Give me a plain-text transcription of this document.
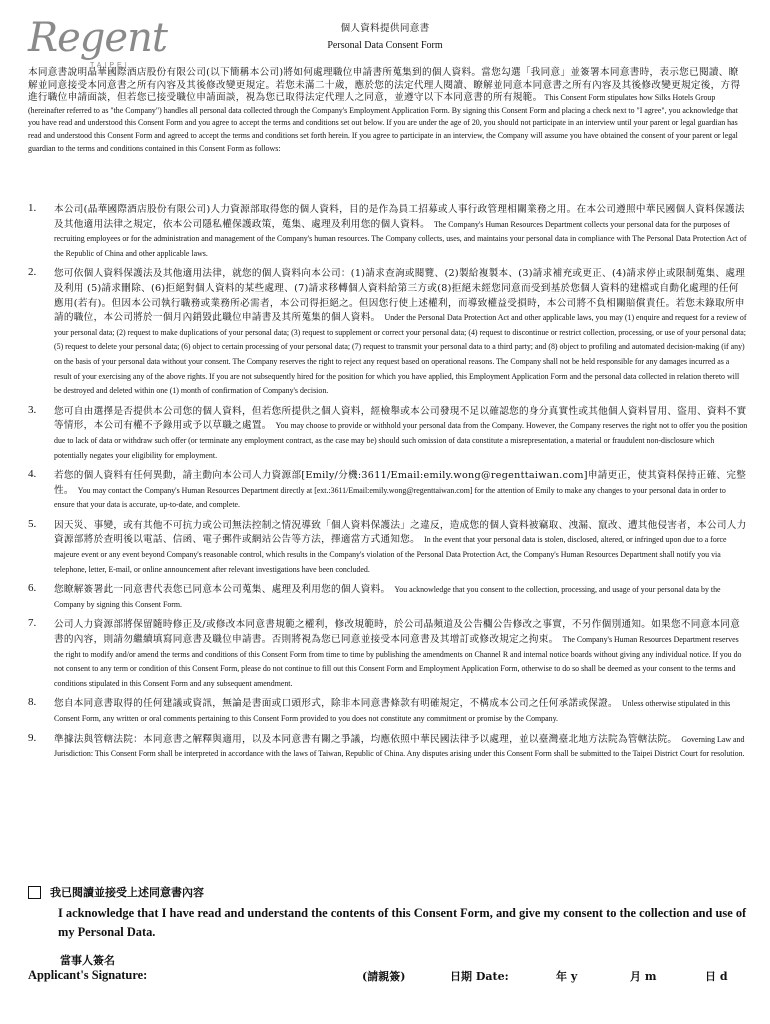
Regent
TAIPEI
個人資料提供同意書
Personal Data Consent Form
本同意書說明晶華國際酒店股份有限公司(以下簡稱本公司)將如何處理職位申請書所蒐集到的個人資料。當您勾選「我同意」並簽署本同意書時，表示您已閱讀、瞭解並同意接受本同意書之所有內容及其後修改變更規定。若您未滿二十歲，應於您的法定代理人閱讀、瞭解並同意本同意書之所有內容及其後修改變更規定後，方得進行職位申請面談，但若您已接受職位申請面談，視為您已取得法定代理人之同意，並遵守以下本同意書的所有規範。 This Consent Form stipulates how Silks Hotels Group (hereinafter referred to as "the Company") handles all personal data collected through the Company's Employment Application Form. By signing this Consent Form and placing a check next to "I agree", you acknowledge that you have read and understood this Consent Form and you agree to accept the terms and conditions set out below. If you are under the age of 20, you should not participate in an interview until your parent or legal guardian has read and understood this Consent Form and agreed to accept the terms and conditions set forth herein. If you agree to participate in an interview, the Company will assume you have obtained the consent of your parent or legal guardian to the terms and conditions contained in this Consent Form as follows:
1. 本公司(晶華國際酒店股份有限公司)人力資源部取得您的個人資料，目的是作為員工招募或人事行政管理相關業務之用。在本公司遵照中華民國個人資料保護法及其他適用法律之規定，依本公司隱私權保護政策，蒐集、處理及利用您的個人資料。 The Company's Human Resources Department collects your personal data for the purposes of recruiting employees or for the administration and management of the Company's human resources. The Company collects, uses, and maintains your personal data in compliance with The Personal Data Protection Act of the Republic of China and other applicable laws.
2. 您可依個人資料保護法及其他適用法律，就您的個人資料向本公司：(1)請求查詢或閱覽、(2)製給複製本、(3)請求補充或更正、(4)請求停止或限制蒐集、處理及利用 (5)請求刪除、(6)拒絕對個人資料的某些處理、(7)請求移轉個人資料給第三方或(8)拒絕未經您同意而受到基於您個人資料的建檔或自動化處理的任何應用(若有)。但因本公司執行職務或業務所必需者，本公司得拒絕之。但因您行使上述權利，而導致權益受損時，本公司將不負相關賠償責任。若您未錄取所申請的職位，本公司將於一個月內銷毀此職位申請書及其所蒐集的個人資料。 Under the Personal Data Protection Act and other applicable laws, you may (1) enquire and request for a review of your personal data; (2) request to make duplications of your personal data; (3) request to supplement or correct your personal data; (4) request to discontinue or restrict collection, processing, or use of your personal data; (5) request to delete your personal data; (6) object to certain processing of your personal data; (7) request to transmit your personal data to a third party; and (8) object to profiling and automated decision-making (if any) on the basis of your personal data without your consent. The Company reserves the right to reject any request based on operational reasons. The Company shall not be held responsible for any damages incurred as a result of your exercising any of the above rights. If you are not subsequently hired for the position for which you have applied, this Employment Application Form and the personal data collected in relation thereto will be destroyed and deleted within one (1) month of confirmation of Company's decision.
3. 您可自由選擇是否提供本公司您的個人資料，但若您所提供之個人資料，經檢舉或本公司發現不足以確認您的身分真實性或其他個人資料冒用、盜用、資料不實等情形，本公司有權不予錄用或予以草職之處置。 You may choose to provide or withhold your personal data from the Company. However, the Company reserves the right not to offer you the position due to lack of data or withdraw such offer (or terminate any employment contract, as the case may be) should such omission of data constitute a misrepresentation, a material or fraudulent non-disclosure which potentially negates your eligibility for employment.
4. 若您的個人資料有任何異動，請主動向本公司人力資源部[Emily/分機:3611/Email:emily.wong@regenttaiwan.com]申請更正，使其資料保持正確、完整性。 You may contact the Company's Human Resources Department directly at [ext.:3611/Email:emily.wong@regenttaiwan.com] for the attention of Emily to make any changes to your personal data in order to ensure that your data is accurate, up-to-date, and complete.
5. 因天災、事變，或有其他不可抗力或公司無法控制之情況導致「個人資料保護法」之違反，造成您的個人資料被竊取、洩漏、竄改、遭其他侵害者，本公司人力資源部將於查明後以電話、信函、電子郵件或網站公告等方法，擇適當方式通知您。 In the event that your personal data is stolen, disclosed, altered, or infringed upon due to a force majeure event or any event beyond Company's reasonable control, which results in the Company's violation of the Personal Data Protection Act, the Company's Human Resources Department shall notify you via telephone, letter, E-mail, or online announcement after relevant investigations have been concluded.
6. 您瞭解簽署此一同意書代表您已同意本公司蒐集、處理及利用您的個人資料。 You acknowledge that you consent to the collection, processing, and usage of your personal data by the Company by signing this Consent Form.
7. 公司人力資源部將保留隨時修正及/或修改本同意書規範之權利，修改規範時，於公司晶頻道及公告欄公告修改之事實，不另作個別通知。如果您不同意本同意書的內容，則請勿繼續填寫同意書及職位申請書。否則將視為您已同意並接受本同意書及其增訂或修改規定之拘束。 The Company's Human Resources Department reserves the right to modify and/or amend the terms and conditions of this Consent Form from time to time by publishing the amendments on Channel R and internal notice boards without giving any individual notice. If you do not consent to any term or condition of this Consent Form, please do not continue to fill out this Consent Form and Employment Application Form, otherwise to do so shall be deemed as your consent to the terms and conditions stipulated in this Consent Form and any subsequent amendment.
8. 您自本同意書取得的任何建議或資訊，無論是書面或口頭形式，除非本同意書條款有明確規定，不構成本公司之任何承諾或保證。 Unless otherwise stipulated in this Consent Form, any written or oral comments pertaining to this Consent Form provided to you does not constitute any commitment or promise by the Company.
9. 準據法與管轄法院：本同意書之解釋與適用，以及本同意書有關之爭議，均應依照中華民國法律予以處理，並以臺灣臺北地方法院為管轄法院。 Governing Law and Jurisdiction: This Consent Form shall be interpreted in accordance with the laws of Taiwan, Republic of China. Any disputes arising under this Consent Form shall be submitted to the Taipei District Court for resolution.
我已閱讀並接受上述同意書內容
I acknowledge that I have read and understand the contents of this Consent Form, and give my consent to the collection and use of my Personal Data.
當事人簽名
Applicant's Signature:	(請親簽)	日期 Date:	年 y	月 m	日 d
